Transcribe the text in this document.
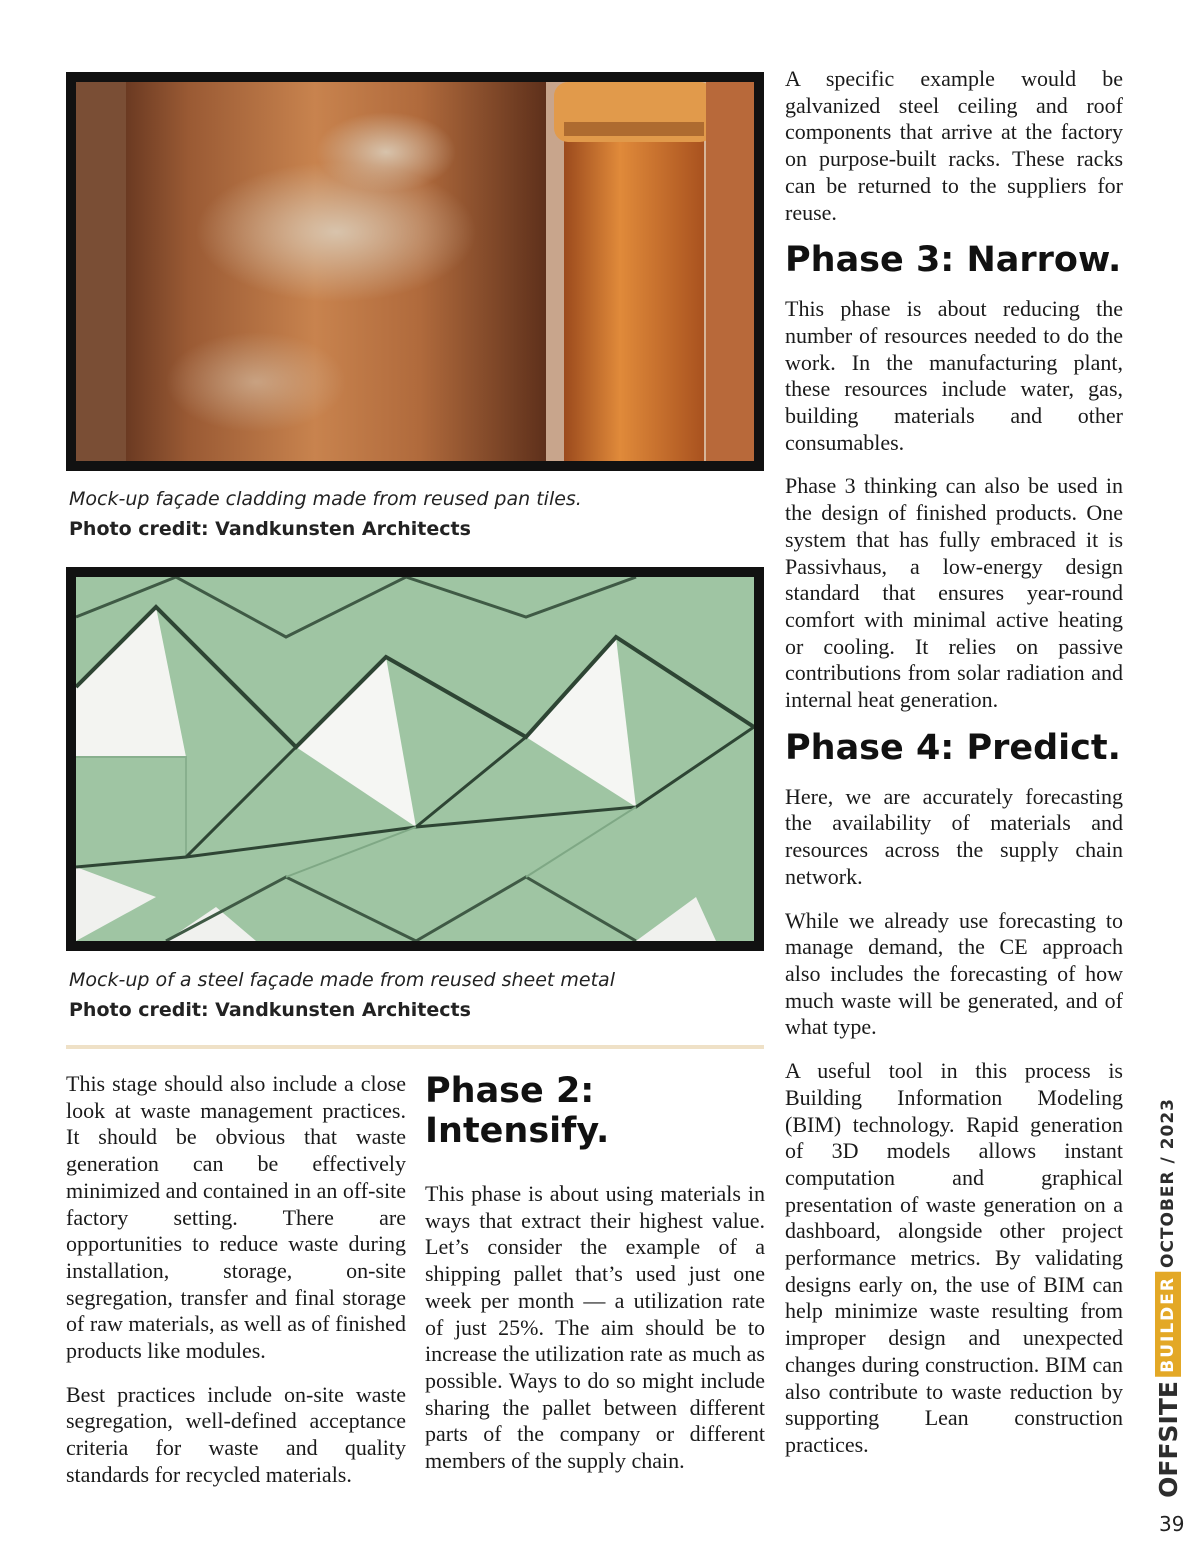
Mock-up façade cladding made from reused pan tiles.
Photo credit: Vandkunsten Architects
Mock-up of a steel façade made from reused sheet metal
Photo credit: Vandkunsten Architects

This stage should also include a close look at waste management practices. It should be obvious that waste generation can be effectively minimized and contained in an off-site factory setting. There are opportunities to reduce waste during installation, storage, on-site segregation, transfer and final storage of raw materials, as well as of finished products like modules.

Best practices include on-site waste segregation, well-defined acceptance criteria for waste and quality standards for recycled materials.

Phase 2: Intensify.

This phase is about using materials in ways that extract their highest value. Let’s consider the example of a shipping pallet that’s used just one week per month — a utilization rate of just 25%. The aim should be to increase the utilization rate as much as possible. Ways to do so might include sharing the pallet between different parts of the company or different members of the supply chain.

A specific example would be galvanized steel ceiling and roof components that arrive at the factory on purpose-built racks. These racks can be returned to the suppliers for reuse.

Phase 3: Narrow.

This phase is about reducing the number of resources needed to do the work. In the manufacturing plant, these resources include water, gas, building materials and other consumables.

Phase 3 thinking can also be used in the design of finished products. One system that has fully embraced it is Passivhaus, a low-energy design standard that ensures year-round comfort with minimal active heating or cooling. It relies on passive contributions from solar radiation and internal heat generation.

Phase 4: Predict.

Here, we are accurately forecasting the availability of materials and resources across the supply chain network.

While we already use forecasting to manage demand, the CE approach also includes the forecasting of how much waste will be generated, and of what type.

A useful tool in this process is Building Information Modeling (BIM) technology. Rapid generation of 3D models allows instant computation and graphical presentation of waste generation on a dashboard, alongside other project performance metrics. By validating designs early on, the use of BIM can help minimize waste resulting from improper design and unexpected changes during construction. BIM can also contribute to waste reduction by supporting Lean construction practices.	OFFSITE
BUILDER
OCTOBER / 2023
39
